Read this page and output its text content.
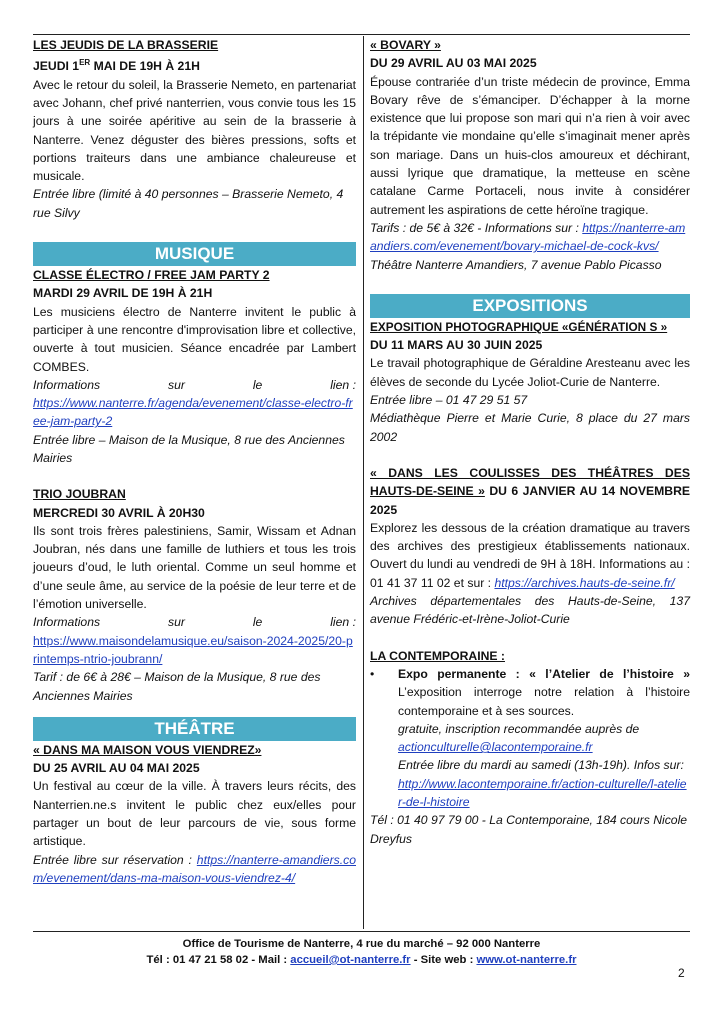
LES JEUDIS DE LA BRASSERIE
JEUDI 1ER MAI DE 19H À 21H

Avec le retour du soleil, la Brasserie Nemeto, en partenariat avec Johann, chef privé nanterrien, vous convie tous les 15 jours à une soirée apéritive au sein de la brasserie à Nanterre. Venez déguster des bières pressions, softs et portions traiteurs dans une ambiance chaleureuse et musicale.

Entrée libre (limité à 40 personnes – Brasserie Nemeto, 4 rue Silvy

MUSIQUE
CLASSE ÉLECTRO / FREE JAM PARTY 2
MARDI 29 AVRIL DE 19H À 21H

Les musiciens électro de Nanterre invitent le public à participer à une rencontre d'improvisation libre et collective, ouverte à tout musicien. Séance encadrée par Lambert COMBES.

Informations	sur	le	lien :
https://www.nanterre.fr/agenda/evenement/classe-electro-free-jam-party-2

Entrée libre – Maison de la Musique, 8 rue des Anciennes Mairies

TRIO JOUBRAN
MERCREDI 30 AVRIL À 20H30

Ils sont trois frères palestiniens, Samir, Wissam et Adnan Joubran, nés dans une famille de luthiers et tous les trois joueurs d’oud, le luth oriental. Comme un seul homme et d’une seule âme, au service de la poésie de leur terre et de l’émotion universelle.

Informations	sur	le	lien :
https://www.maisondelamusique.eu/saison-2024-2025/20-printemps-ntrio-joubrann/

Tarif : de 6€ à 28€ – Maison de la Musique, 8 rue des Anciennes Mairies

THÉÂTRE
« DANS MA MAISON VOUS VIENDREZ»
DU 25 AVRIL AU 04 MAI 2025

Un festival au cœur de la ville. À travers leurs récits, des Nanterrien.ne.s invitent le public chez eux/elles pour partager un bout de leur parcours de vie, sous forme artistique.

Entrée libre sur réservation : https://nanterre-amandiers.com/evenement/dans-ma-maison-vous-viendrez-4/

« BOVARY »
DU 29 AVRIL AU 03 MAI 2025

Épouse contrariée d’un triste médecin de province, Emma Bovary rêve de s’émanciper. D’échapper à la morne existence que lui propose son mari qui n’a rien à voir avec la trépidante vie mondaine qu’elle s’imaginait mener après son mariage. Dans un huis-clos amoureux et déchirant, aussi lyrique que dramatique, la metteuse en scène catalane Carme Portaceli, nous invite à considérer autrement les aspirations de cette héroïne tragique.

Tarifs : de 5€ à 32€ - Informations sur : https://nanterre-amandiers.com/evenement/bovary-michael-de-cock-kvs/

Théâtre Nanterre Amandiers, 7 avenue Pablo Picasso

EXPOSITIONS
EXPOSITION PHOTOGRAPHIQUE «GÉNÉRATION S »
DU 11 MARS AU 30 JUIN 2025

Le travail photographique de Géraldine Aresteanu avec les élèves de seconde du Lycée Joliot-Curie de Nanterre.

Entrée libre – 01 47 29 51 57

Médiathèque Pierre et Marie Curie, 8 place du 27 mars 2002

« DANS LES COULISSES DES THÉÂTRES DES HAUTS-DE-SEINE » DU 6 JANVIER AU 14 NOVEMBRE 2025

Explorez les dessous de la création dramatique au travers des archives des prestigieux établissements nationaux. Ouvert du lundi au vendredi de 9H à 18H. Informations au : 01 41 37 11 02 et sur : https://archives.hauts-de-seine.fr/

Archives départementales des Hauts-de-Seine, 137 avenue Frédéric-et-Irène-Joliot-Curie

LA CONTEMPORAINE :
•	Expo permanente : « l’Atelier de l’histoire »

L’exposition interroge notre relation à l’histoire contemporaine et à ses sources.

gratuite, inscription recommandée auprès de

actionculturelle@lacontemporaine.fr

Entrée libre du mardi au samedi (13h-19h). Infos sur: http://www.lacontemporaine.fr/action-culturelle/l-atelier-de-l-histoire

Tél : 01 40 97 79 00 - La Contemporaine, 184 cours Nicole Dreyfus

Office de Tourisme de Nanterre, 4 rue du marché – 92 000 Nanterre
Tél : 01 47 21 58 02 - Mail : accueil@ot-nanterre.fr - Site web : www.ot-nanterre.fr
2
